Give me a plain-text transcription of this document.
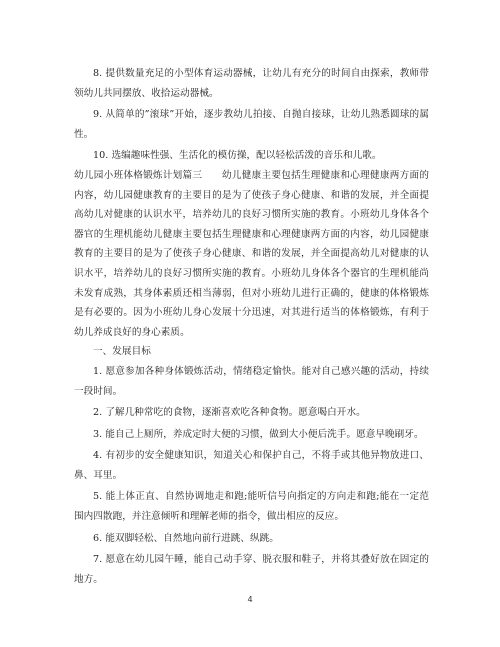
8. 提供数量充足的小型体育运动器械，让幼儿有充分的时间自由探索，教师带领幼儿共同摆放、收拾运动器械。

9. 从简单的”滚球”开始，逐步教幼儿拍接、自抛自接球，让幼儿熟悉圆球的属性。

10. 选编趣味性强、生活化的模仿操，配以轻松活泼的音乐和儿歌。

幼儿园小班体格锻炼计划篇三　　幼儿健康主要包括生理健康和心理健康两方面的内容，幼儿园健康教育的主要目的是为了使孩子身心健康、和谐的发展，并全面提高幼儿对健康的认识水平，培养幼儿的良好习惯所实施的教育。小班幼儿身体各个器官的生理机能幼儿健康主要包括生理健康和心理健康两方面的内容，幼儿园健康教育的主要目的是为了使孩子身心健康、和谐的发展，并全面提高幼儿对健康的认识水平，培养幼儿的良好习惯所实施的教育。小班幼儿身体各个器官的生理机能尚未发育成熟，其身体素质还相当薄弱，但对小班幼儿进行正确的，健康的体格锻炼是有必要的。因为小班幼儿身心发展十分迅速，对其进行适当的体格锻炼，有利于幼儿养成良好的身心素质。

一、发展目标

1. 愿意参加各种身体锻炼活动，情绪稳定愉快。能对自己感兴趣的活动，持续一段时间。

2. 了解几种常吃的食物，逐渐喜欢吃各种食物。愿意喝白开水。

3. 能自己上厕所，养成定时大便的习惯，做到大小便后洗手。愿意早晚刷牙。

4. 有初步的安全健康知识，知道关心和保护自己，不将手或其他异物放进口、鼻、耳里。

5. 能上体正直、自然协调地走和跑;能听信号向指定的方向走和跑;能在一定范围内四散跑，并注意倾听和理解老师的指令，做出相应的反应。

6. 能双脚轻松、自然地向前行进跳、纵跳。

7. 愿意在幼儿园午睡，能自己动手穿、脱衣服和鞋子，并将其叠好放在固定的地方。

4
